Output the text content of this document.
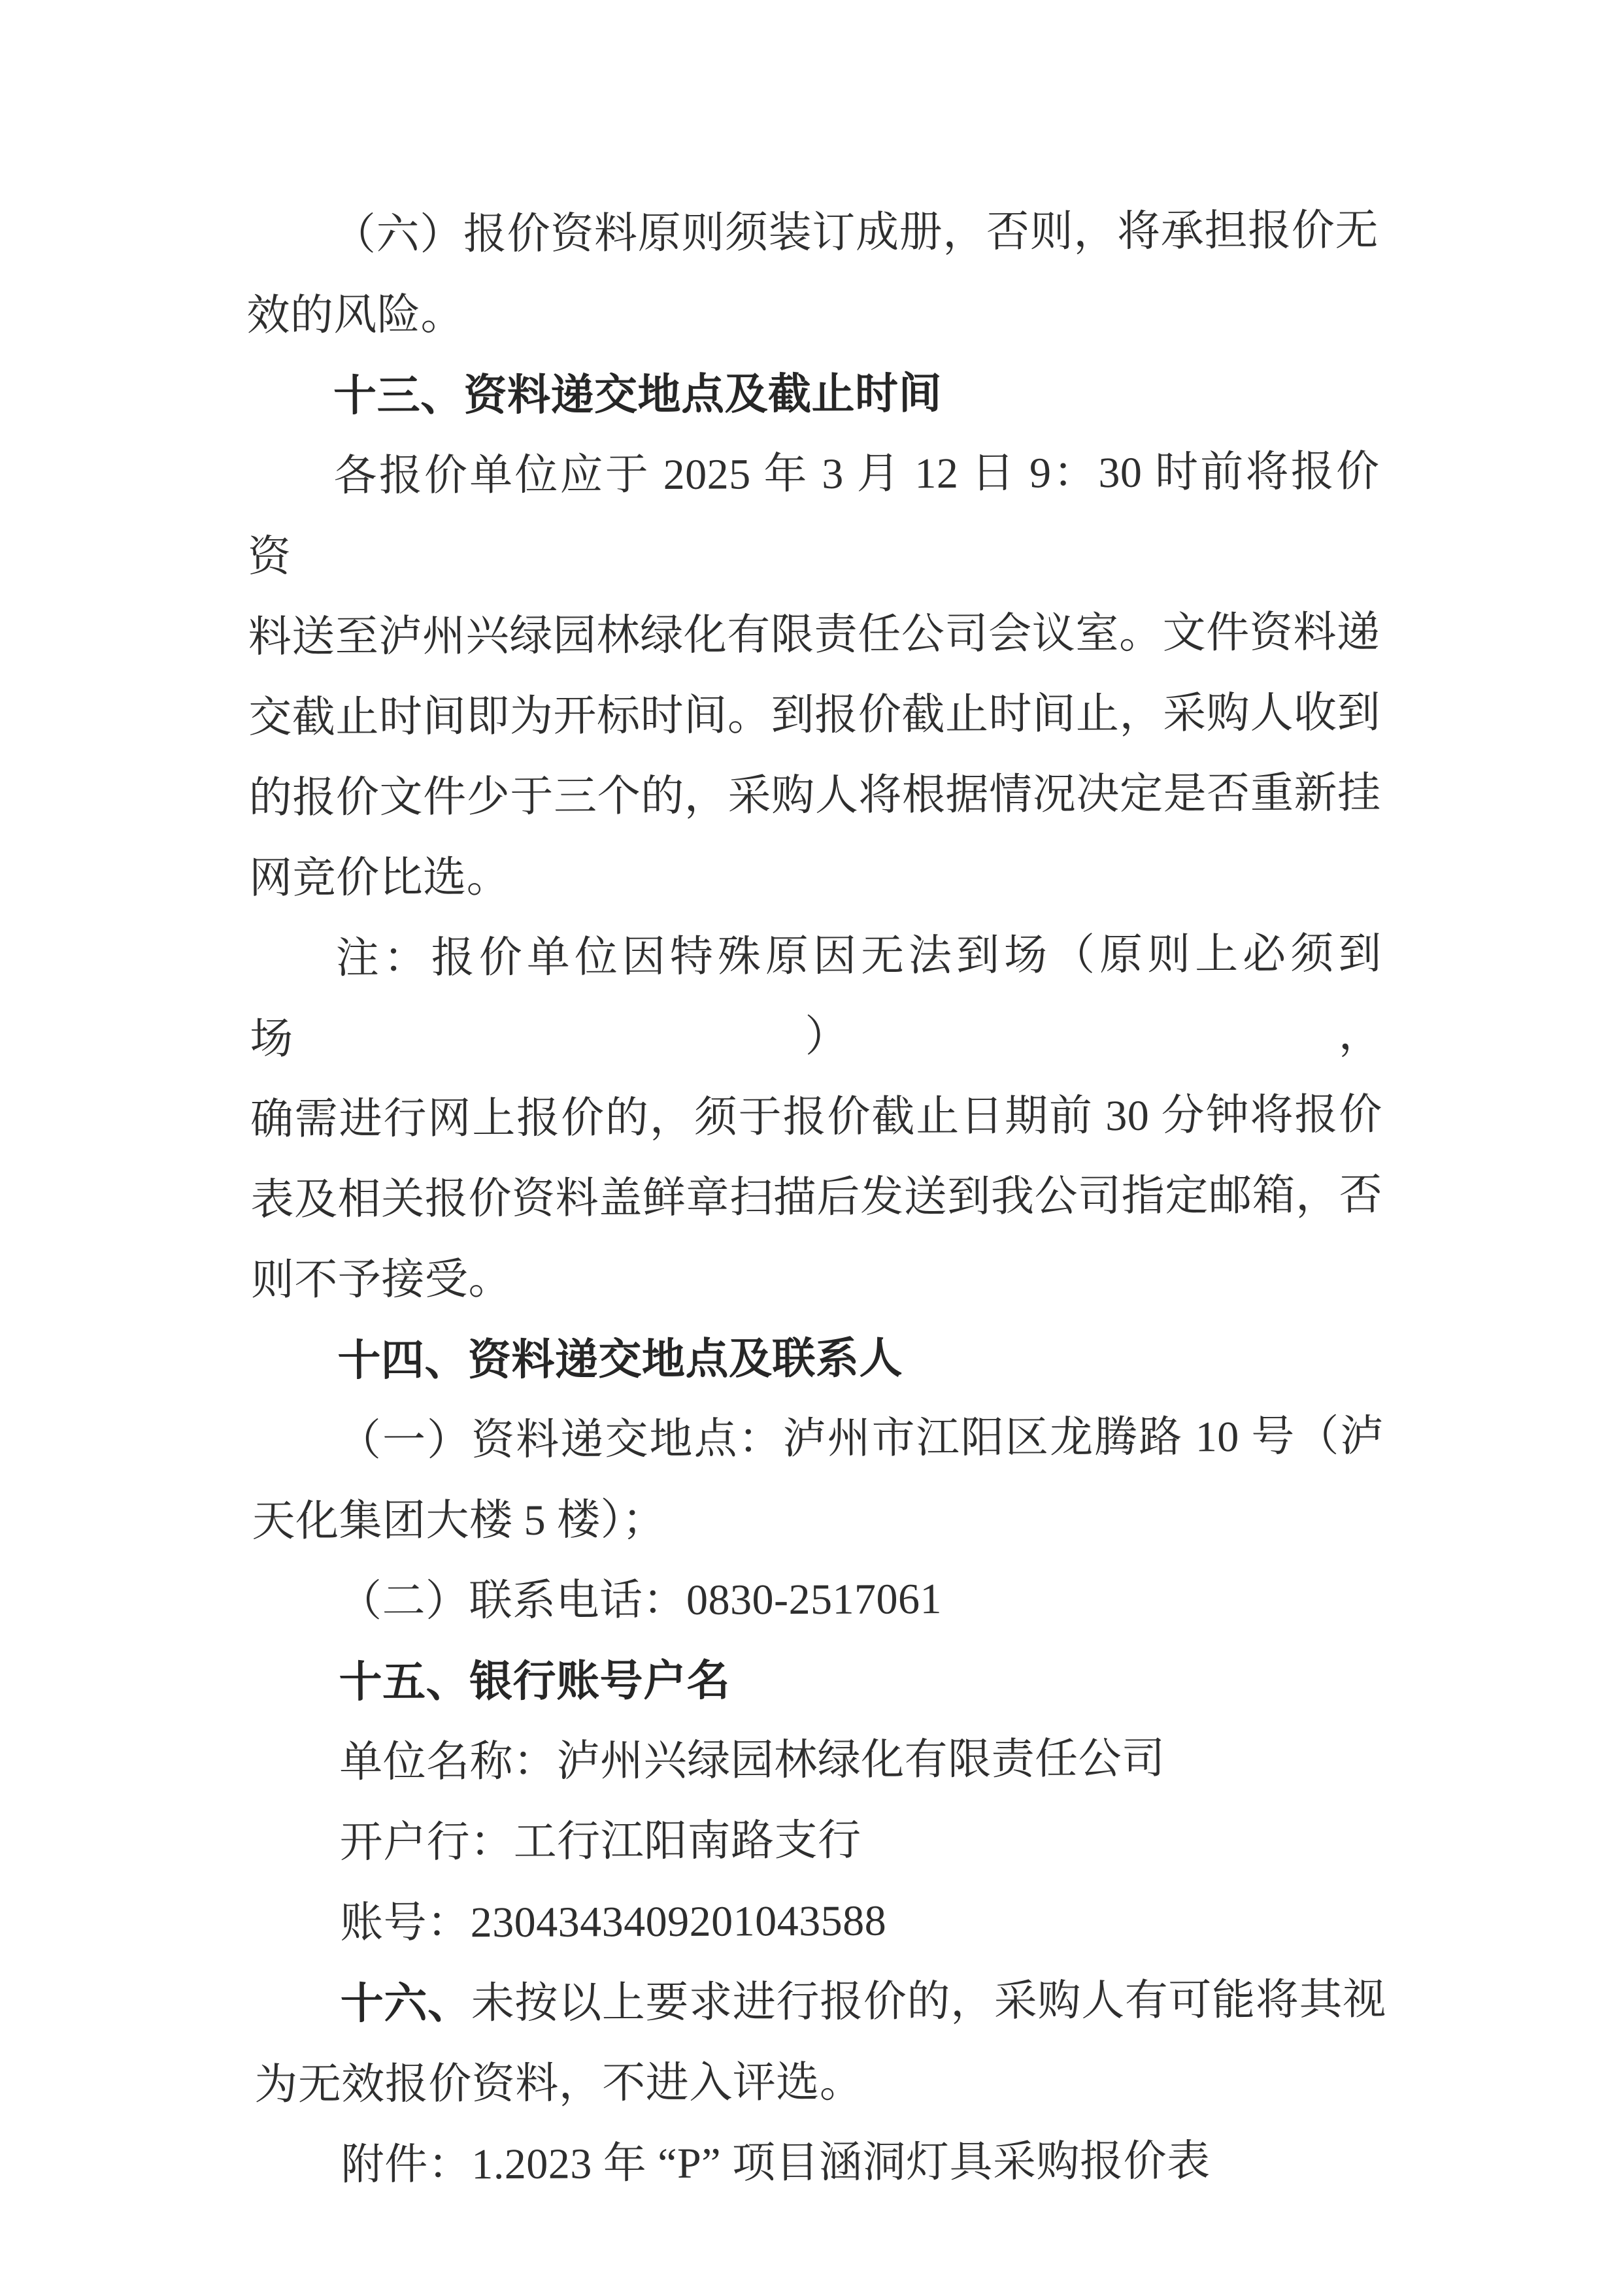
（六）报价资料原则须装订成册，否则，将承担报价无
效的风险。
十三、资料递交地点及截止时间
各报价单位应于 2025 年 3 月 12 日 9：30 时前将报价资
料送至泸州兴绿园林绿化有限责任公司会议室。文件资料递
交截止时间即为开标时间。到报价截止时间止，采购人收到
的报价文件少于三个的，采购人将根据情况决定是否重新挂
网竞价比选。
注：报价单位因特殊原因无法到场（原则上必须到场），
确需进行网上报价的，须于报价截止日期前 30 分钟将报价
表及相关报价资料盖鲜章扫描后发送到我公司指定邮箱，否
则不予接受。
十四、资料递交地点及联系人
（一）资料递交地点：泸州市江阳区龙腾路 10 号（泸
天化集团大楼 5 楼）；
（二）联系电话：0830-2517061
十五、银行账号户名
单位名称：泸州兴绿园林绿化有限责任公司
开户行：工行江阳南路支行
账号：2304343409201043588
十六、未按以上要求进行报价的，采购人有可能将其视
为无效报价资料，不进入评选。
附件：1.2023 年 “P” 项目涵洞灯具采购报价表
